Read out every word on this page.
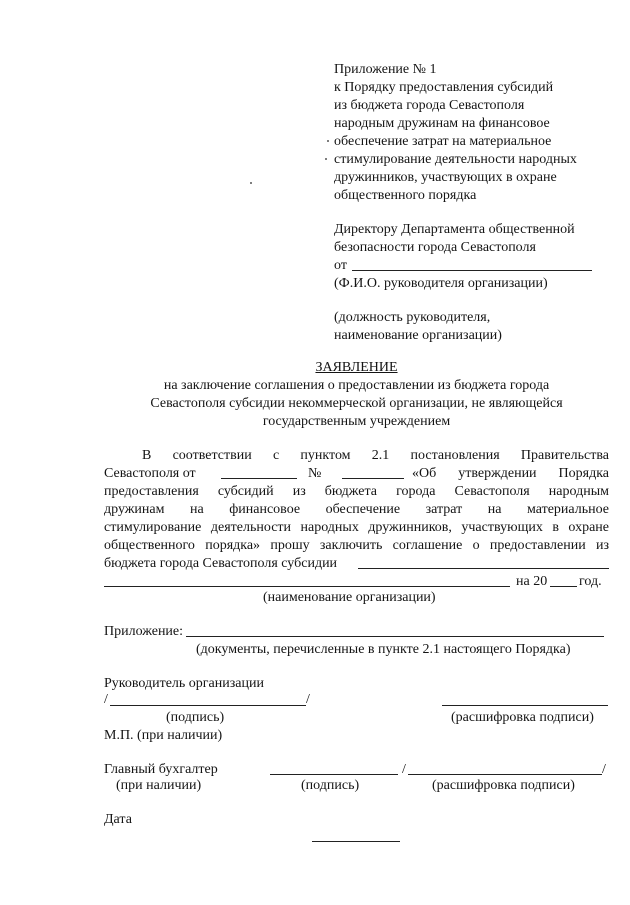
Приложение № 1
к Порядку предоставления субсидий
из бюджета города Севастополя
народным дружинам на финансовое
обеспечение затрат на материальное
стимулирование деятельности народных
дружинников, участвующих в охране
общественного порядка
Директору Департамента общественной
безопасности города Севастополя
от
(Ф.И.О. руководителя организации)
(должность руководителя,
наименование организации)
ЗАЯВЛЕНИЕ
на заключение соглашения о предоставлении из бюджета города
Севастополя субсидии некоммерческой организации, не являющейся
государственным учреждением
В соответствии с пунктом 2.1 постановления Правительства
Севастополя от	№	«Об утверждении Порядка
предоставления субсидий из бюджета города Севастополя народным
дружинам на финансовое обеспечение затрат на материальное
стимулирование деятельности народных дружинников, участвующих в охране
общественного порядка» прошу заключить соглашение о предоставлении из
бюджета города Севастополя субсидии
на 20 год.
(наименование организации)
Приложение:
(документы, перечисленные в пункте 2.1 настоящего Порядка)
Руководитель организации
/	/
(подпись)	(расшифровка подписи)
М.П. (при наличии)
Главный бухгалтер	/	/
(при наличии)	(подпись)	(расшифровка подписи)
Дата
